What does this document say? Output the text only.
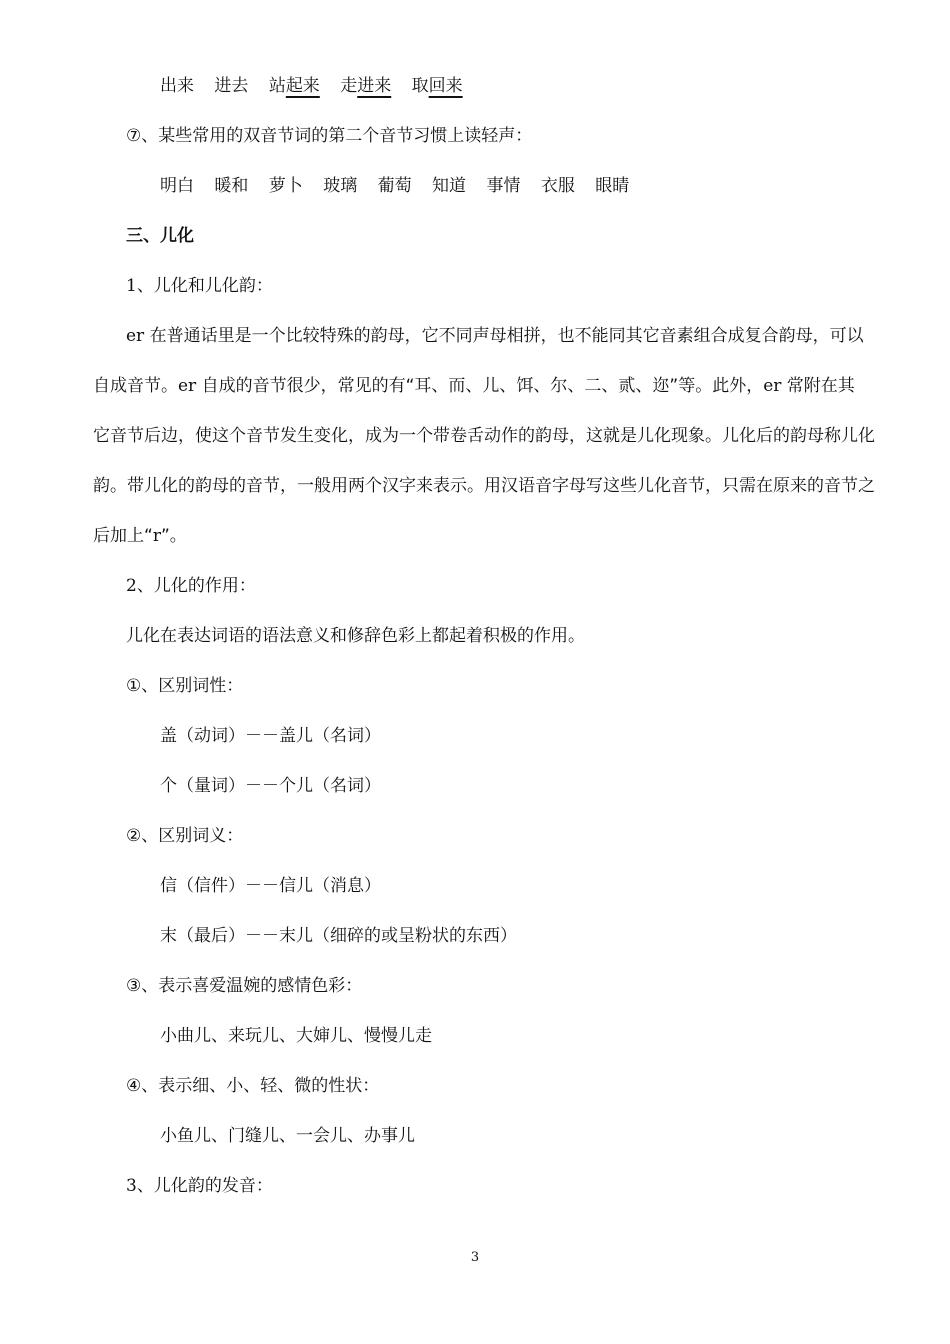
出来 进去 站起来 走进来 取回来
⑦、某些常用的双音节词的第二个音节习惯上读轻声：
明白 暖和 萝卜 玻璃 葡萄 知道 事情 衣服 眼睛
三、儿化
1、儿化和儿化韵：
er 在普通话里是一个比较特殊的韵母，它不同声母相拼，也不能同其它音素组合成复合韵母，可以
自成音节。er 自成的音节很少，常见的有“耳、而、儿、饵、尔、二、贰、迩”等。此外，er 常附在其
它音节后边，使这个音节发生变化，成为一个带卷舌动作的韵母，这就是儿化现象。儿化后的韵母称儿化
韵。带儿化的韵母的音节，一般用两个汉字来表示。用汉语音字母写这些儿化音节，只需在原来的音节之
后加上“r”。
2、儿化的作用：
儿化在表达词语的语法意义和修辞色彩上都起着积极的作用。
①、区别词性：
盖（动词）－－盖儿（名词）
个（量词）－－个儿（名词）
②、区别词义：
信（信件）－－信儿（消息）
末（最后）－－末儿（细碎的或呈粉状的东西）
③、表示喜爱温婉的感情色彩：
小曲儿、来玩儿、大婶儿、慢慢儿走
④、表示细、小、轻、微的性状：
小鱼儿、门缝儿、一会儿、办事儿
3、儿化韵的发音：
3
